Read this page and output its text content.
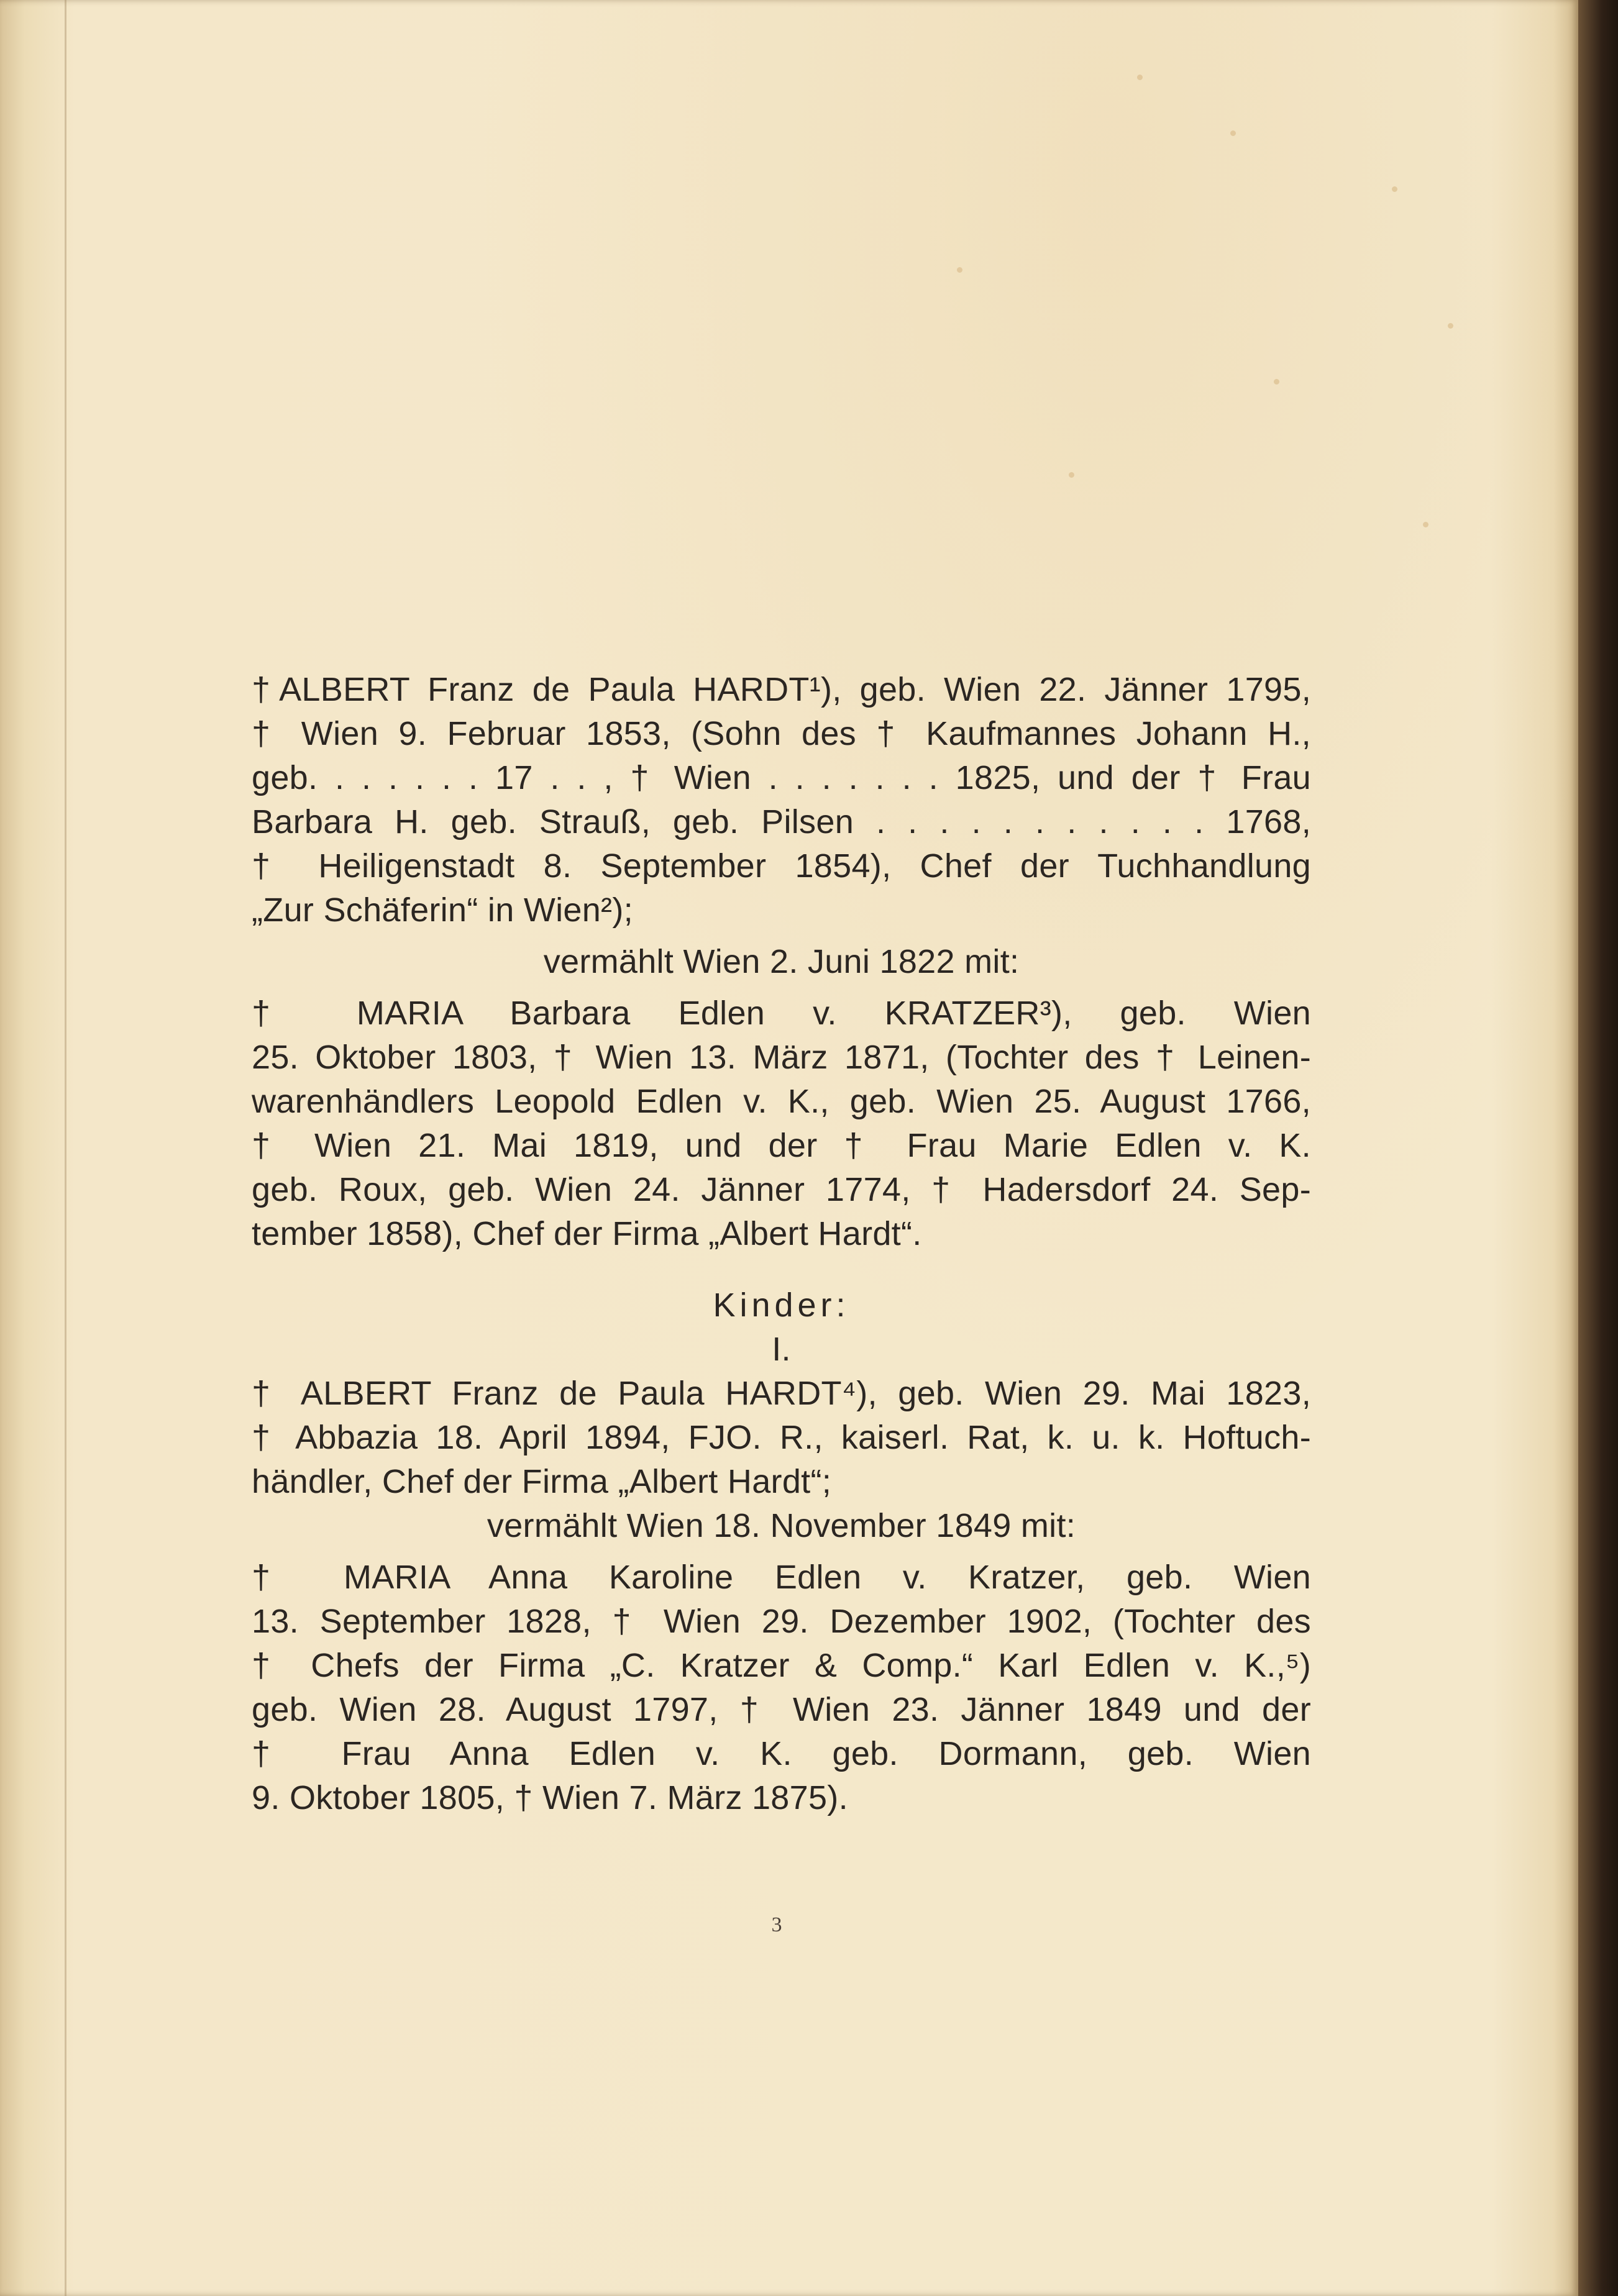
†ALBERT Franz de Paula HARDT¹), geb. Wien 22. Jänner 1795,

† Wien 9. Februar 1853, (Sohn des † Kaufmannes Johann H.,

geb. . . . . . . 17 . . , † Wien . . . . . . . 1825, und der † Frau

Barbara H. geb. Strauß, geb. Pilsen . . . . . . . . . . . 1768,

† Heiligenstadt 8. September 1854), Chef der Tuchhandlung

„Zur Schäferin“ in Wien²);

vermählt Wien 2. Juni 1822 mit:

† MARIA Barbara Edlen v. KRATZER³), geb. Wien

25. Oktober 1803, † Wien 13. März 1871, (Tochter des † Leinen-

warenhändlers Leopold Edlen v. K., geb. Wien 25. August 1766,

† Wien 21. Mai 1819, und der † Frau Marie Edlen v. K.

geb. Roux, geb. Wien 24. Jänner 1774, † Hadersdorf 24. Sep-

tember 1858), Chef der Firma „Albert Hardt“.

Kinder:

I.

† ALBERT Franz de Paula HARDT⁴), geb. Wien 29. Mai 1823,

† Abbazia 18. April 1894, FJO. R., kaiserl. Rat, k. u. k. Hoftuch-

händler, Chef der Firma „Albert Hardt“;

vermählt Wien 18. November 1849 mit:

† MARIA Anna Karoline Edlen v. Kratzer, geb. Wien

13. September 1828, † Wien 29. Dezember 1902, (Tochter des

† Chefs der Firma „C. Kratzer & Comp.“ Karl Edlen v. K.,⁵)

geb. Wien 28. August 1797, † Wien 23. Jänner 1849 und der

† Frau Anna Edlen v. K. geb. Dormann, geb. Wien

9. Oktober 1805, † Wien 7. März 1875).

3
